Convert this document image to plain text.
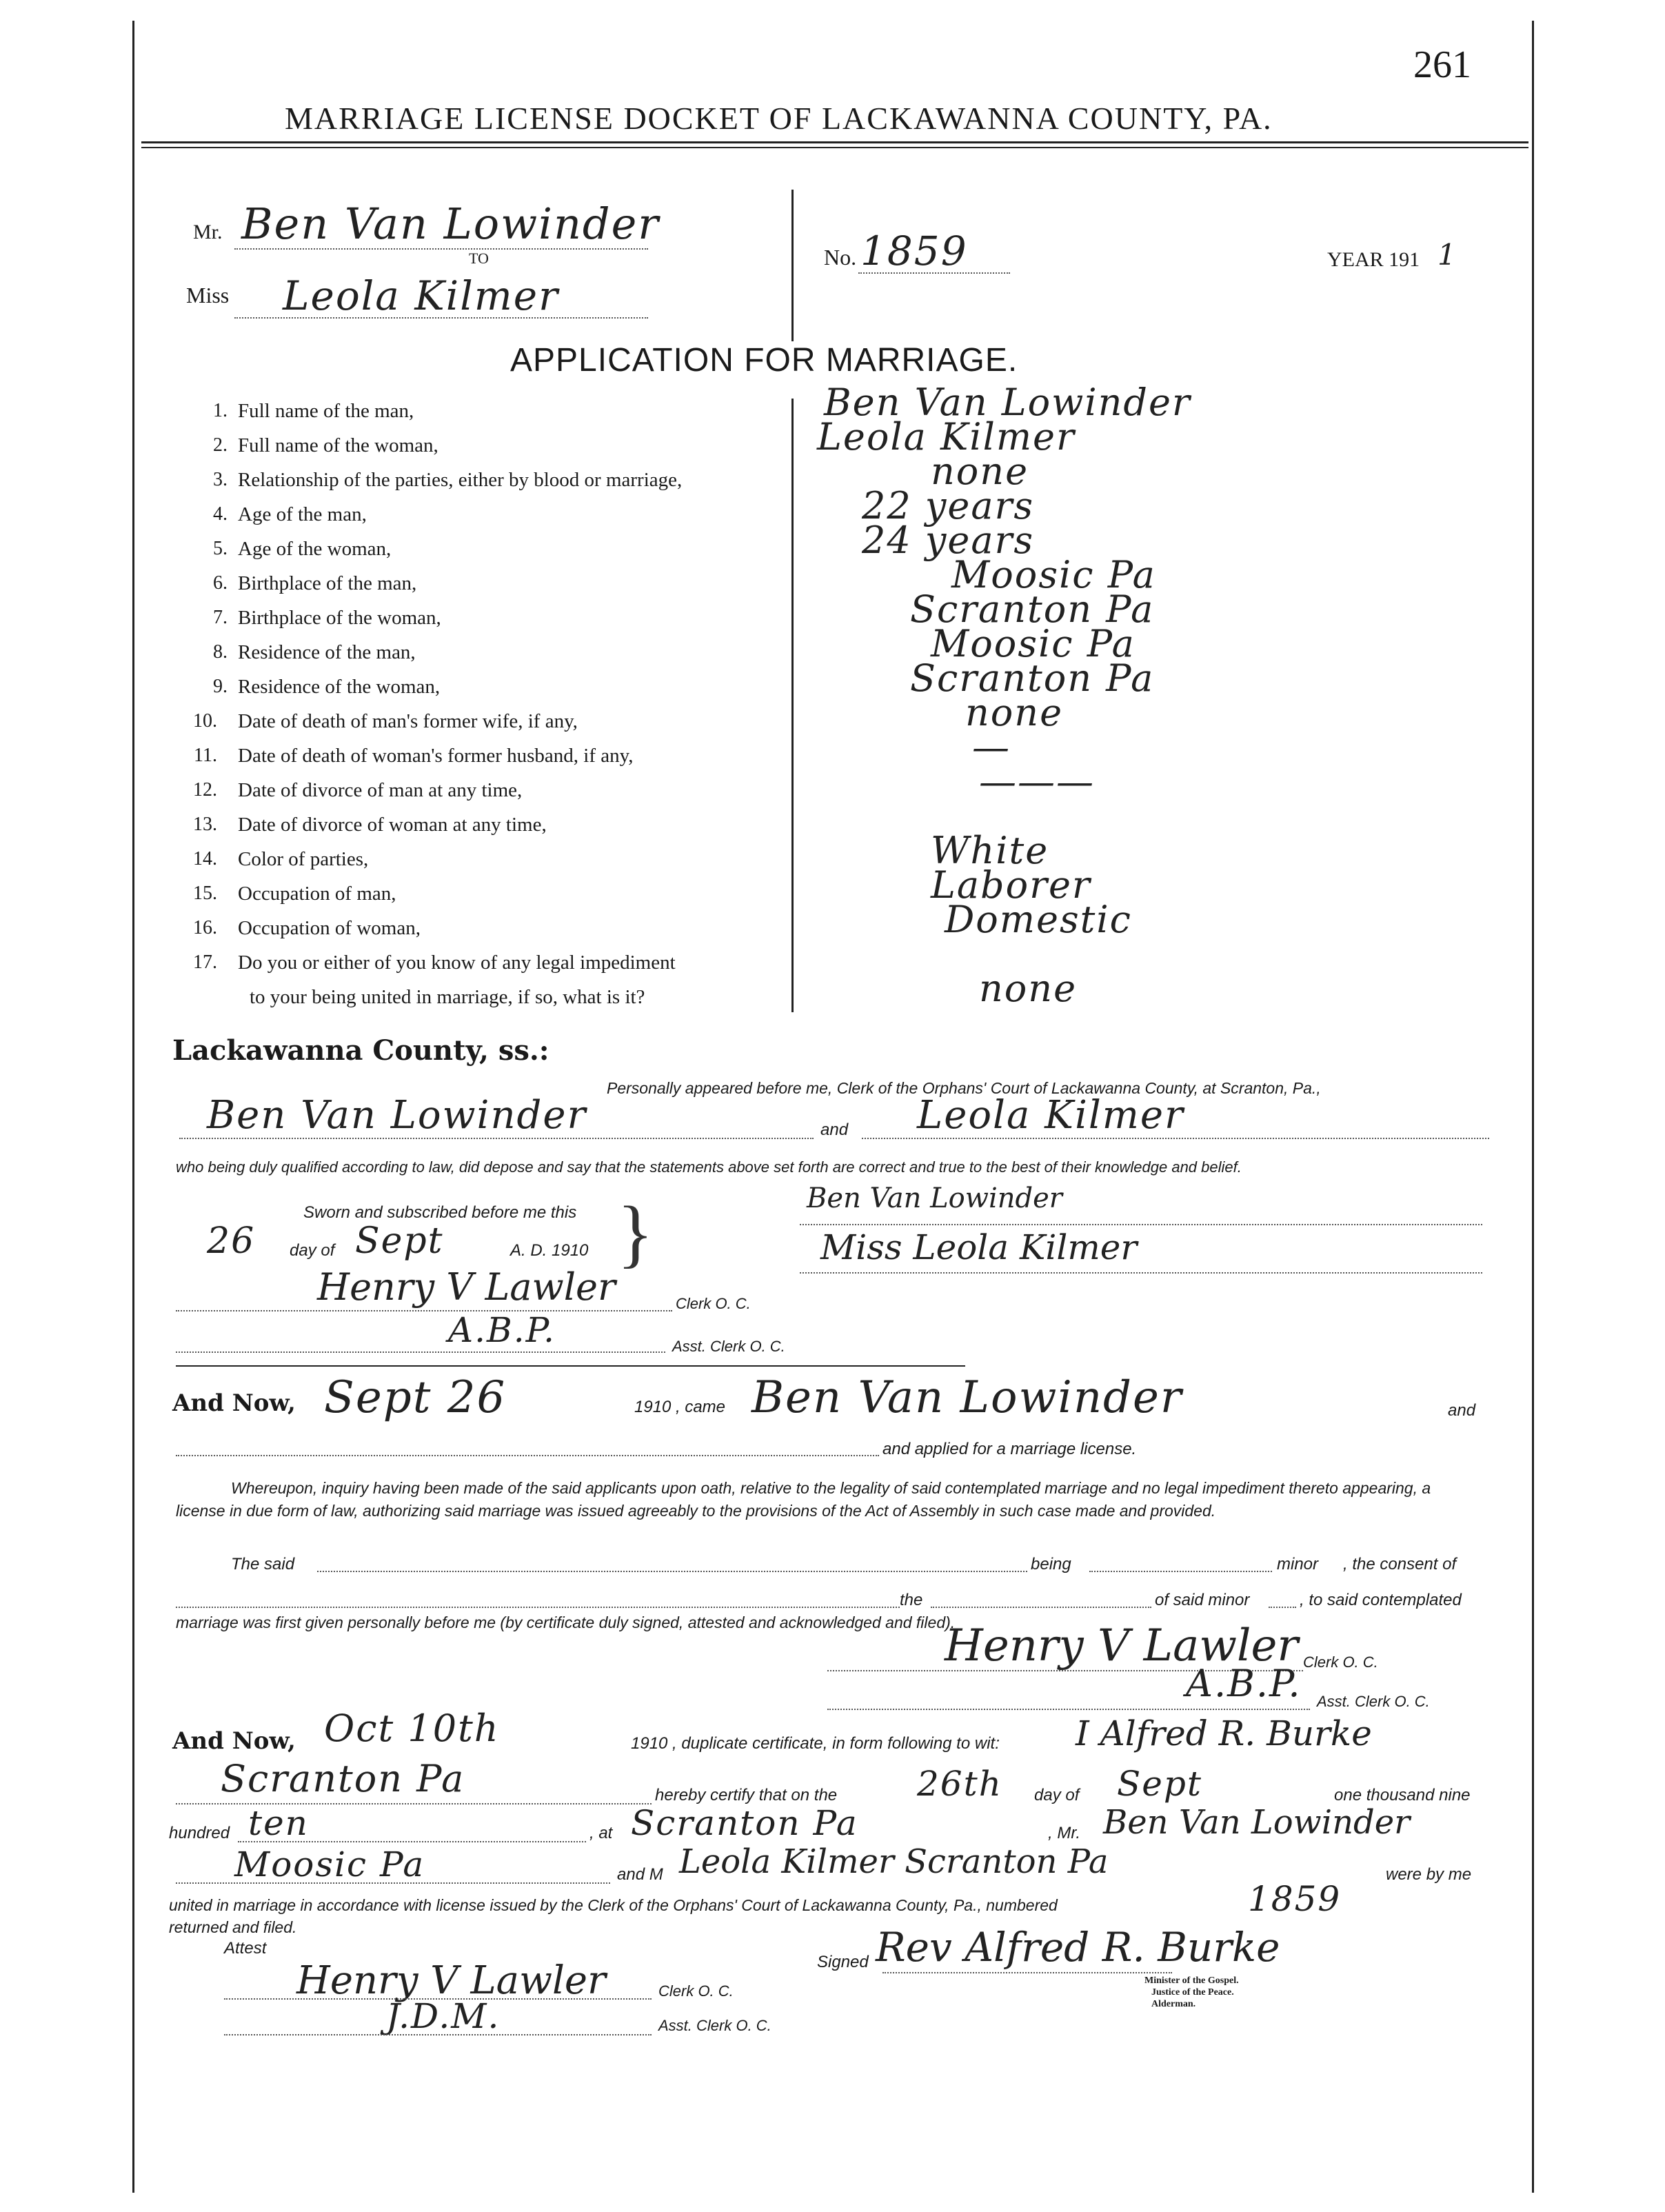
261
MARRIAGE LICENSE DOCKET OF LACKAWANNA COUNTY, PA.
Mr. Ben Van Lowinder
TO
Miss Leola Kilmer
No. 1859	YEAR 191 1
APPLICATION FOR MARRIAGE.
1. Full name of the man,	Ben Van Lowinder
2. Full name of the woman,	Leola Kilmer
3. Relationship of the parties, either by blood or marriage,	none
4. Age of the man,	22 years
5. Age of the woman,	24 years
6. Birthplace of the man,	Moosic Pa
7. Birthplace of the woman,	Scranton Pa
8. Residence of the man,	Moosic Pa
9. Residence of the woman,	Scranton Pa
10. Date of death of man's former wife, if any,	none
11. Date of death of woman's former husband, if any,	—
12. Date of divorce of man at any time,	———
13. Date of divorce of woman at any time,
14. Color of parties,	White
15. Occupation of man,	Laborer
16. Occupation of woman,	Domestic
17. Do you or either of you know of any legal impediment
to your being united in marriage, if so, what is it?	none
Lackawanna County, ss.:
Personally appeared before me, Clerk of the Orphans' Court of Lackawanna County, at Scranton, Pa.,
Ben Van Lowinder	and Leola Kilmer
who being duly qualified according to law, did depose and say that the statements above set forth are correct and true to the best of their knowledge and belief.
Sworn and subscribed before me this
26 day of Sept	A. D. 1910 }	Ben Van Lowinder
Miss Leola Kilmer
Henry V Lawler	Clerk O. C.
A.B.P.	Asst. Clerk O. C.
And Now, Sept 26	1910 , came Ben Van Lowinder	and
and applied for a marriage license.
Whereupon, inquiry having been made of the said applicants upon oath, relative to the legality of said contemplated marriage and no legal impediment thereto appearing, a license in due form of law, authorizing said marriage was issued agreeably to the provisions of the Act of Assembly in such case made and provided.
The said	being	minor , the consent of
the	of said minor	, to said contemplated
marriage was first given personally before me (by certificate duly signed, attested and acknowledged and filed).
Henry V Lawler Clerk O. C.
A.B.P. Asst. Clerk O. C.
And Now, Oct 10th	1910 , duplicate certificate, in form following to wit: I Alfred R. Burke
Scranton Pa	hereby certify that on the 26th day of Sept	one thousand nine
hundred ten	, at Scranton Pa	, Mr. Ben Van Lowinder
Moosic Pa	and M Leola Kilmer Scranton Pa	were by me
united in marriage in accordance with license issued by the Clerk of the Orphans' Court of Lackawanna County, Pa., numbered	1859
returned and filed.
Attest
Signed Rev Alfred R. Burke
Minister of the Gospel.
Justice of the Peace.
Alderman.
Henry V Lawler	Clerk O. C.
J.D.M.	Asst. Clerk O. C.
